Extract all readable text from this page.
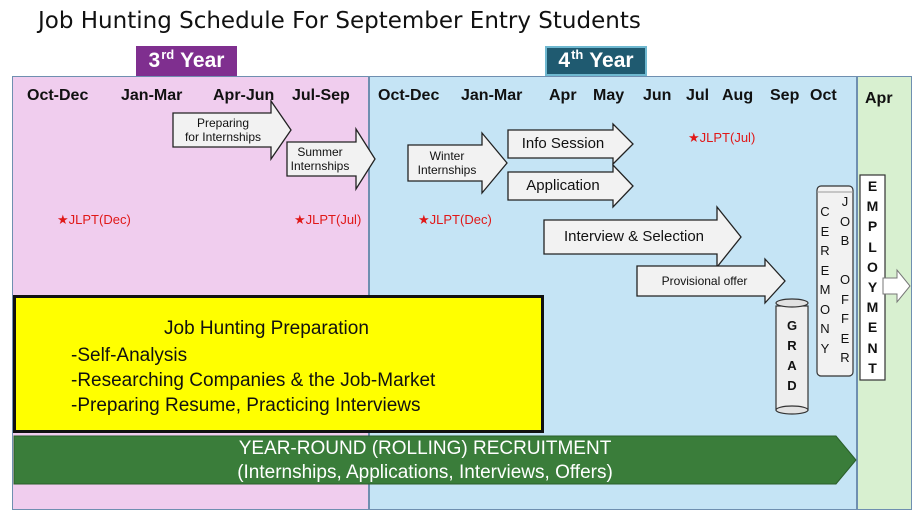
Job Hunting Schedule For September Entry Students
3rd
Year	4th
Year
Oct-Dec Jan-Mar Apr-Jun Jul-Sep Oct-Dec Jan-Mar Apr May Jun Jul Aug Sep Oct Apr
★JLPT(Dec)	★JLPT(Jul)	★JLPT(Dec)
★JLPT(Jul)
Preparing
for Internships
Summer
Internships
Winter
Internships
Info Session
Application
Interview & Selection
Provisional offer
G
R
A
D
C
E
R
E
M
O
N
Y
J
O
B
O
F
F
E
R
E
M
P
L
O
Y
M
E
N
T
Job Hunting Preparation
-Self-Analysis
-Researching Companies & the Job-Market
-Preparing Resume, Practicing Interviews
YEAR-ROUND (ROLLING) RECRUITMENT
(Internships, Applications, Interviews, Offers)
